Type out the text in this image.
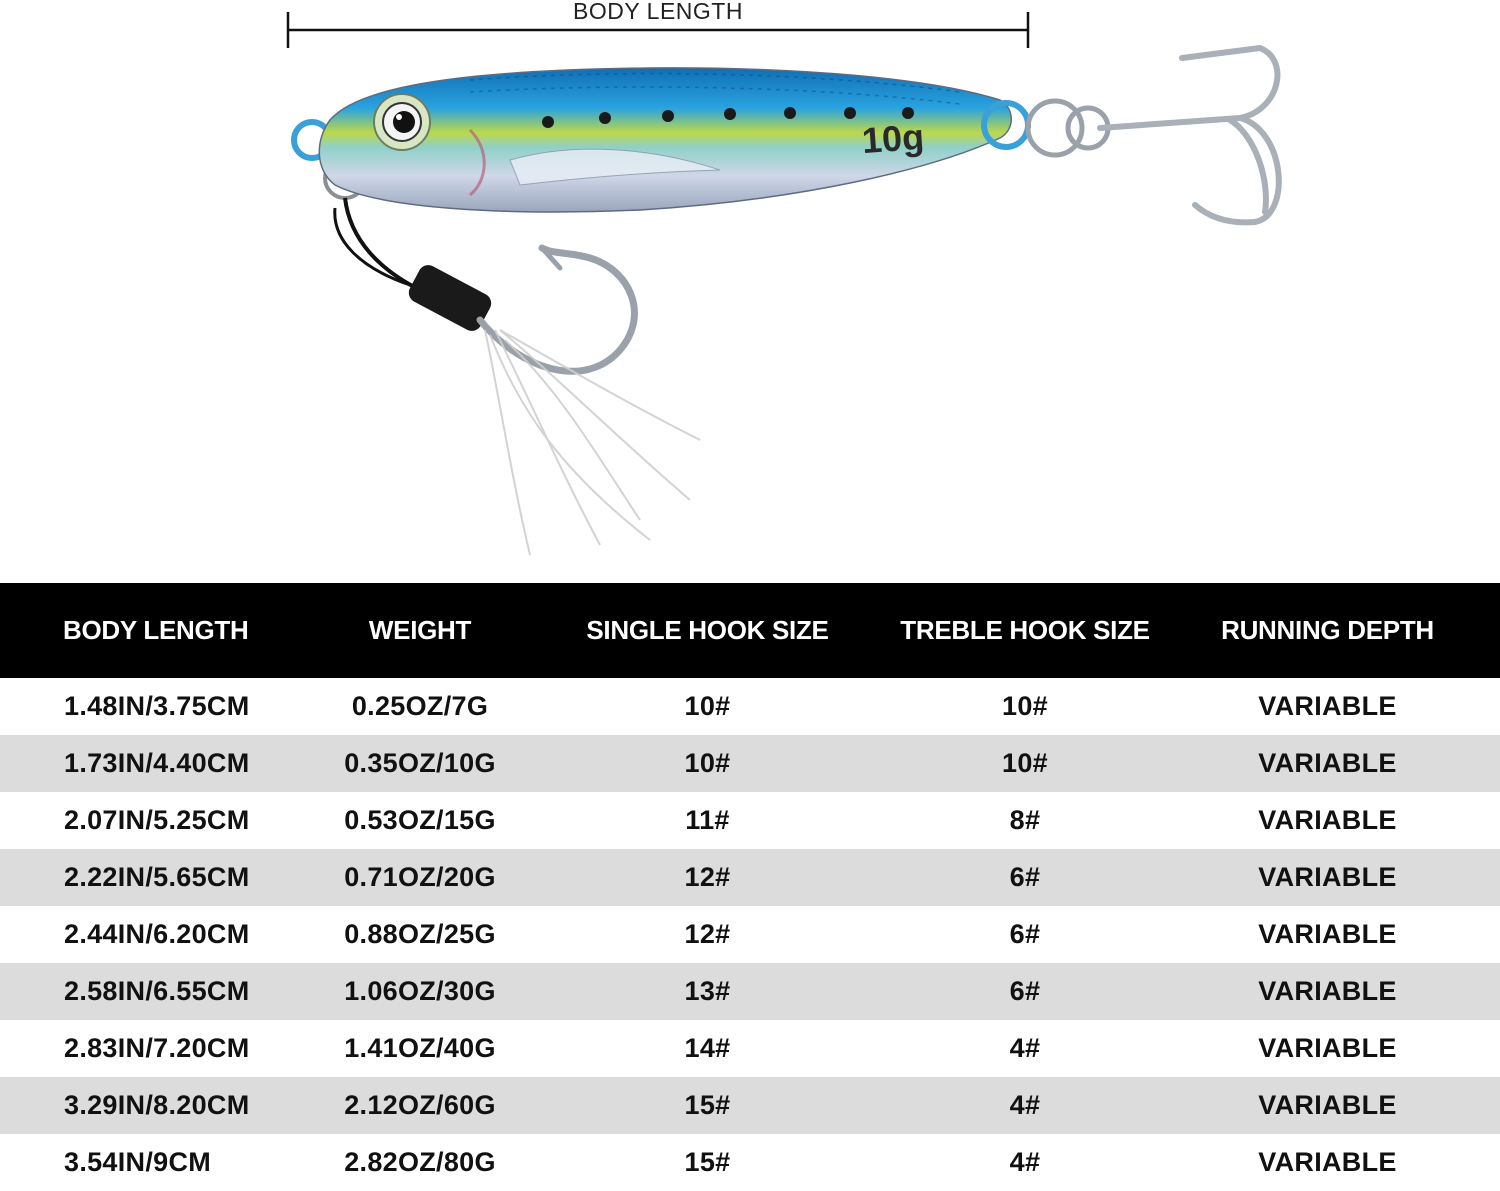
BODY LENGTH
10g
BODY LENGTH	WEIGHT	SINGLE HOOK SIZE	TREBLE HOOK SIZE	RUNNING DEPTH
1.48IN/3.75CM	0.25OZ/7G	10#	10#	VARIABLE
1.73IN/4.40CM	0.35OZ/10G	10#	10#	VARIABLE
2.07IN/5.25CM	0.53OZ/15G	11#	8#	VARIABLE
2.22IN/5.65CM	0.71OZ/20G	12#	6#	VARIABLE
2.44IN/6.20CM	0.88OZ/25G	12#	6#	VARIABLE
2.58IN/6.55CM	1.06OZ/30G	13#	6#	VARIABLE
2.83IN/7.20CM	1.41OZ/40G	14#	4#	VARIABLE
3.29IN/8.20CM	2.12OZ/60G	15#	4#	VARIABLE
3.54IN/9CM	2.82OZ/80G	15#	4#	VARIABLE
